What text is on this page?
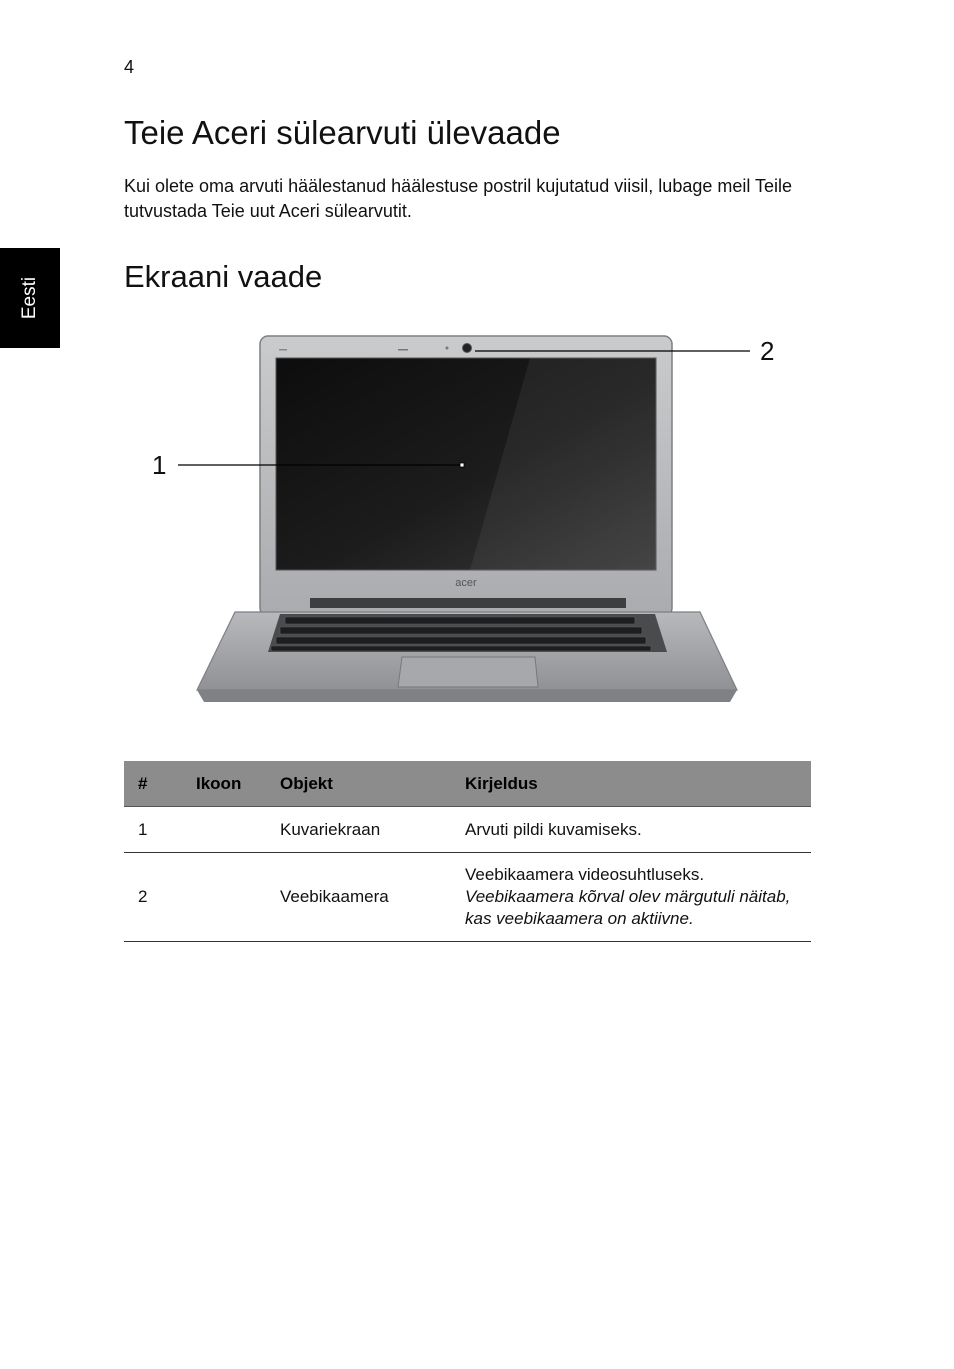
4
Eesti
Teie Aceri sülearvuti ülevaade

Kui olete oma arvuti häälestanud häälestuse postril kujutatud viisil, lubage meil Teile tutvustada Teie uut Aceri sülearvutit.

Ekraani vaade
acer
1
2
#	Ikoon	Objekt	Kirjeldus
1		Kuvariekraan	Arvuti pildi kuvamiseks.
2		Veebikaamera	Veebikaamera videosuhtluseks.
Veebikaamera kõrval olev märgutuli näitab, kas veebikaamera on aktiivne.
